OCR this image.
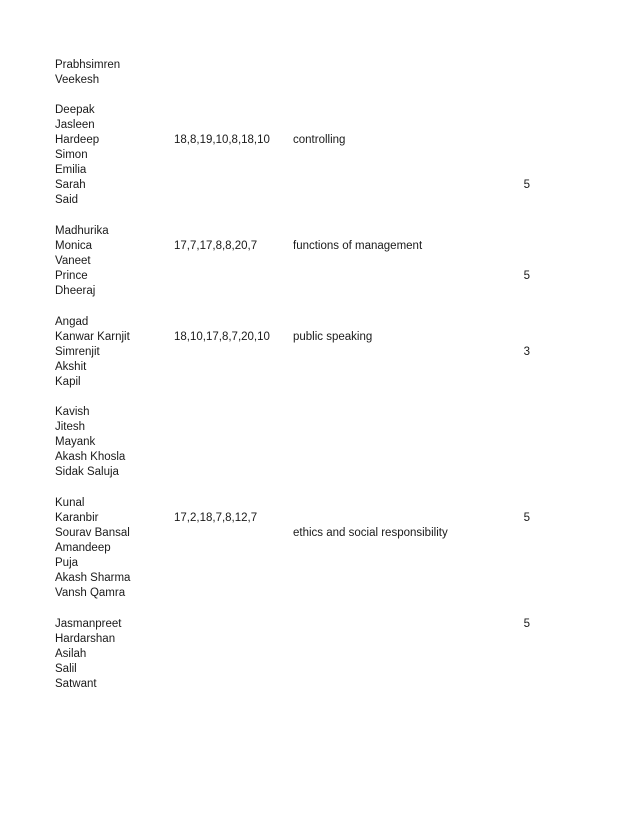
Prabhsimren
Veekesh
Deepak
Jasleen
Hardeep
Simon
Emilia
Sarah
Said
18,8,19,10,8,18,10 controlling
5
Madhurika
Monica
Vaneet
Prince
Dheeraj
17,7,17,8,8,20,7	functions of management
5
Angad
Kanwar Karnjit
Simrenjit
Akshit
Kapil
18,10,17,8,7,20,10 public speaking
3
Kavish
Jitesh
Mayank
Akash Khosla
Sidak Saluja
Kunal
Karanbir
Sourav Bansal
Amandeep
Puja
Akash Sharma
Vansh Qamra
17,2,18,7,8,12,7
ethics and social responsibility
5
Jasmanpreet
Hardarshan
Asilah
Salil
Satwant
5
